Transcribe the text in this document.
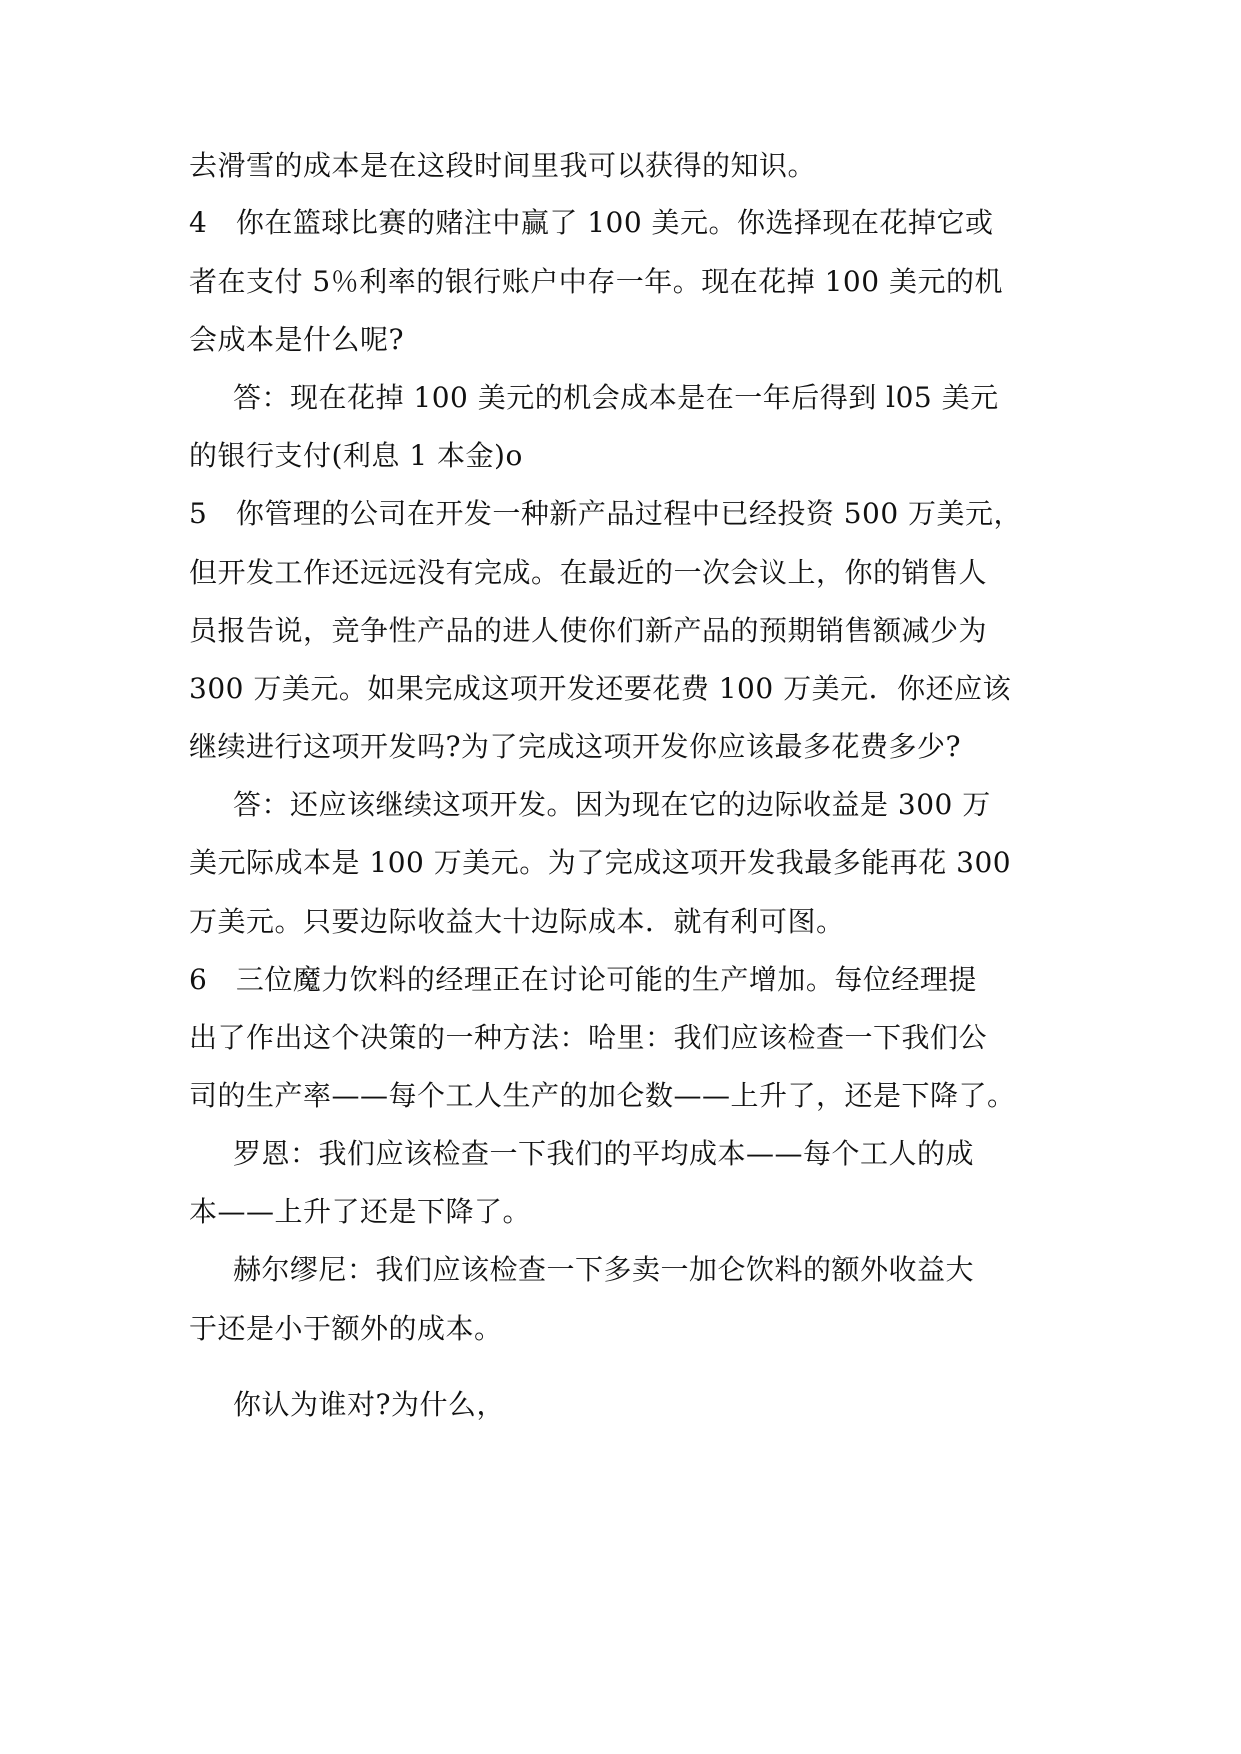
去滑雪的成本是在这段时间里我可以获得的知识。
4　你在篮球比赛的赌注中赢了 100 美元。你选择现在花掉它或
者在支付 5％利率的银行账户中存一年。现在花掉 100 美元的机
会成本是什么呢?
答：现在花掉 100 美元的机会成本是在一年后得到 l05 美元
的银行支付(利息 1 本金)o
5　你管理的公司在开发一种新产品过程中已经投资 500 万美元，
但开发工作还远远没有完成。在最近的一次会议上，你的销售人
员报告说，竞争性产品的进人使你们新产品的预期销售额减少为
300 万美元。如果完成这项开发还要花费 100 万美元．你还应该
继续进行这项开发吗?为了完成这项开发你应该最多花费多少?
答：还应该继续这项开发。因为现在它的边际收益是 300 万
美元际成本是 100 万美元。为了完成这项开发我最多能再花 300
万美元。只要边际收益大十边际成本．就有利可图。
6　三位魔力饮料的经理正在讨论可能的生产增加。每位经理提
出了作出这个决策的一种方法：哈里：我们应该检查一下我们公
司的生产率——每个工人生产的加仑数——上升了，还是下降了。
罗恩：我们应该检查一下我们的平均成本——每个工人的成
本——上升了还是下降了。
赫尔缪尼：我们应该检查一下多卖一加仑饮料的额外收益大
于还是小于额外的成本。
你认为谁对?为什么，
